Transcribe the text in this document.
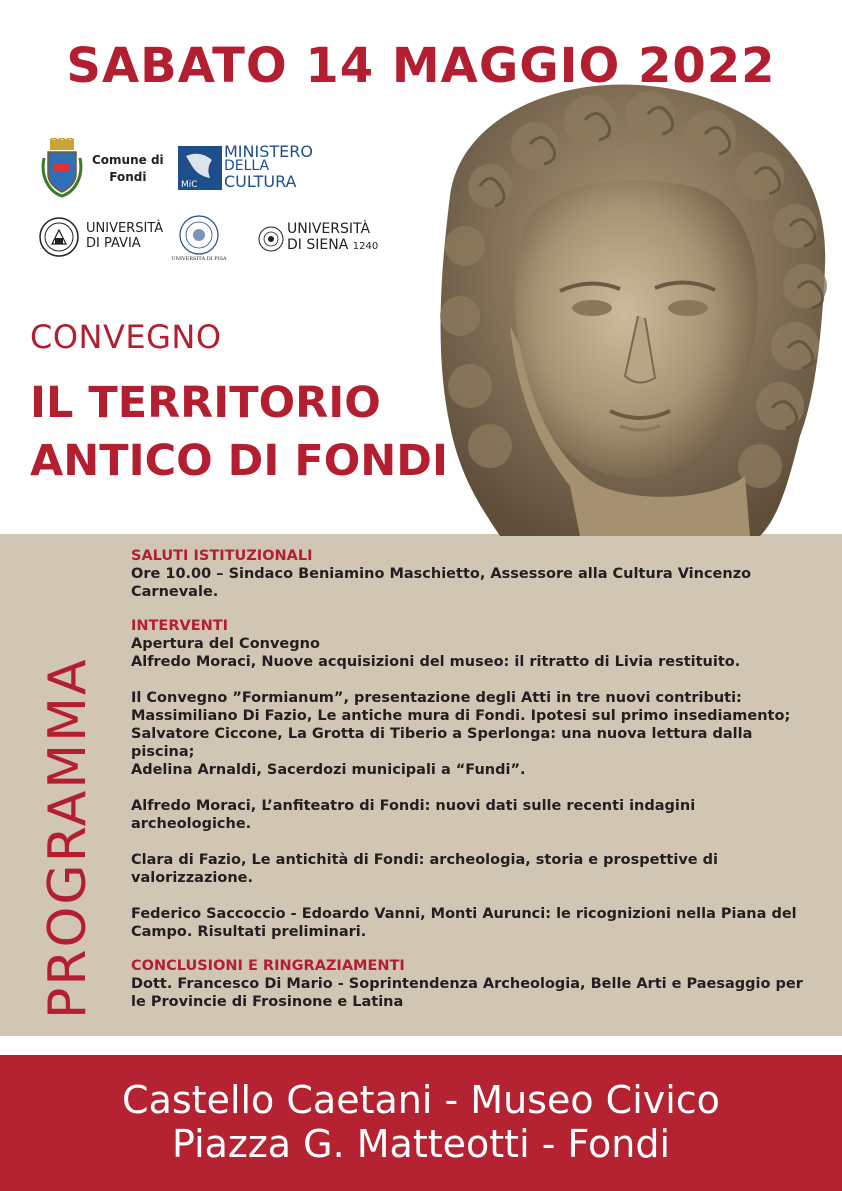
SABATO 14 MAGGIO 2022
Comune di
Fondi
MiC
MINISTERO
DELLA
CULTURA
UNIVERSITÀ
DI PAVIA
UNIVERSITÀ DI PISA
UNIVERSITÀ
DI SIENA 1240
CONVEGNO
IL TERRITORIO
ANTICO DI FONDI
PROGRAMMA

SALUTI ISTITUZIONALI

Ore 10.00 – Sindaco Beniamino Maschietto, Assessore alla Cultura Vincenzo

Carnevale.

INTERVENTI

Apertura del Convegno

Alfredo Moraci, Nuove acquisizioni del museo: il ritratto di Livia restituito.

Il Convegno ”Formianum”, presentazione degli Atti in tre nuovi contributi:

Massimiliano Di Fazio, Le antiche mura di Fondi. Ipotesi sul primo insediamento;

Salvatore Ciccone, La Grotta di Tiberio a Sperlonga: una nuova lettura dalla piscina;

Adelina Arnaldi, Sacerdozi municipali a “Fundi”.

Alfredo Moraci, L’anfiteatro di Fondi: nuovi dati sulle recenti indagini

archeologiche.

Clara di Fazio, Le antichità di Fondi: archeologia, storia e prospettive di

valorizzazione.

Federico Saccoccio - Edoardo Vanni, Monti Aurunci: le ricognizioni nella Piana del

Campo. Risultati preliminari.

CONCLUSIONI E RINGRAZIAMENTI

Dott. Francesco Di Mario - Soprintendenza Archeologia, Belle Arti e Paesaggio per

le Provincie di Frosinone e Latina

Castello Caetani - Museo Civico
Piazza G. Matteotti - Fondi
